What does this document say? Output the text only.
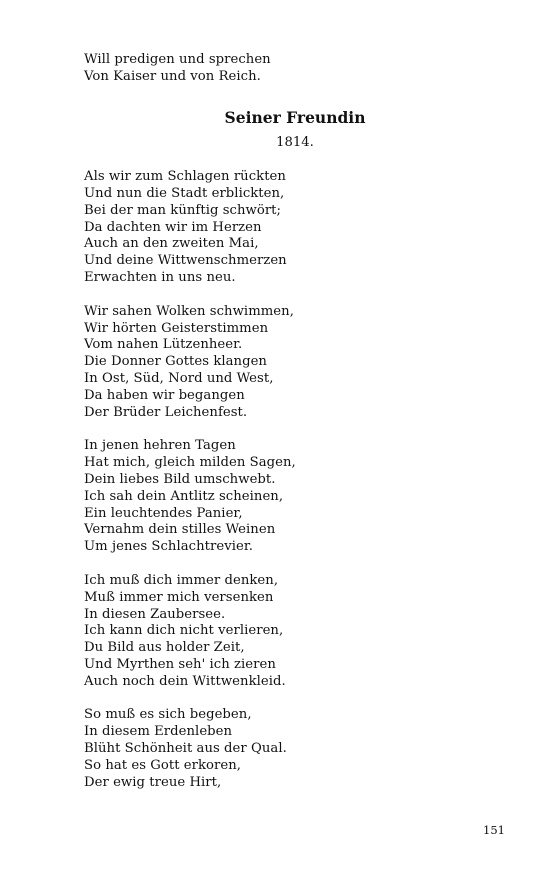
Will predigen und sprechen
Von Kaiser und von Reich.
Seiner Freundin
1814.
Als wir zum Schlagen rückten
Und nun die Stadt erblickten,
Bei der man künftig schwört;
Da dachten wir im Herzen
Auch an den zweiten Mai,
Und deine Wittwenschmerzen
Erwachten in uns neu.
Wir sahen Wolken schwimmen,
Wir hörten Geisterstimmen
Vom nahen Lützenheer.
Die Donner Gottes klangen
In Ost, Süd, Nord und West,
Da haben wir begangen
Der Brüder Leichenfest.
In jenen hehren Tagen
Hat mich, gleich milden Sagen,
Dein liebes Bild umschwebt.
Ich sah dein Antlitz scheinen,
Ein leuchtendes Panier,
Vernahm dein stilles Weinen
Um jenes Schlachtrevier.
Ich muß dich immer denken,
Muß immer mich versenken
In diesen Zaubersee.
Ich kann dich nicht verlieren,
Du Bild aus holder Zeit,
Und Myrthen seh' ich zieren
Auch noch dein Wittwenkleid.
So muß es sich begeben,
In diesem Erdenleben
Blüht Schönheit aus der Qual.
So hat es Gott erkoren,
Der ewig treue Hirt,
151
